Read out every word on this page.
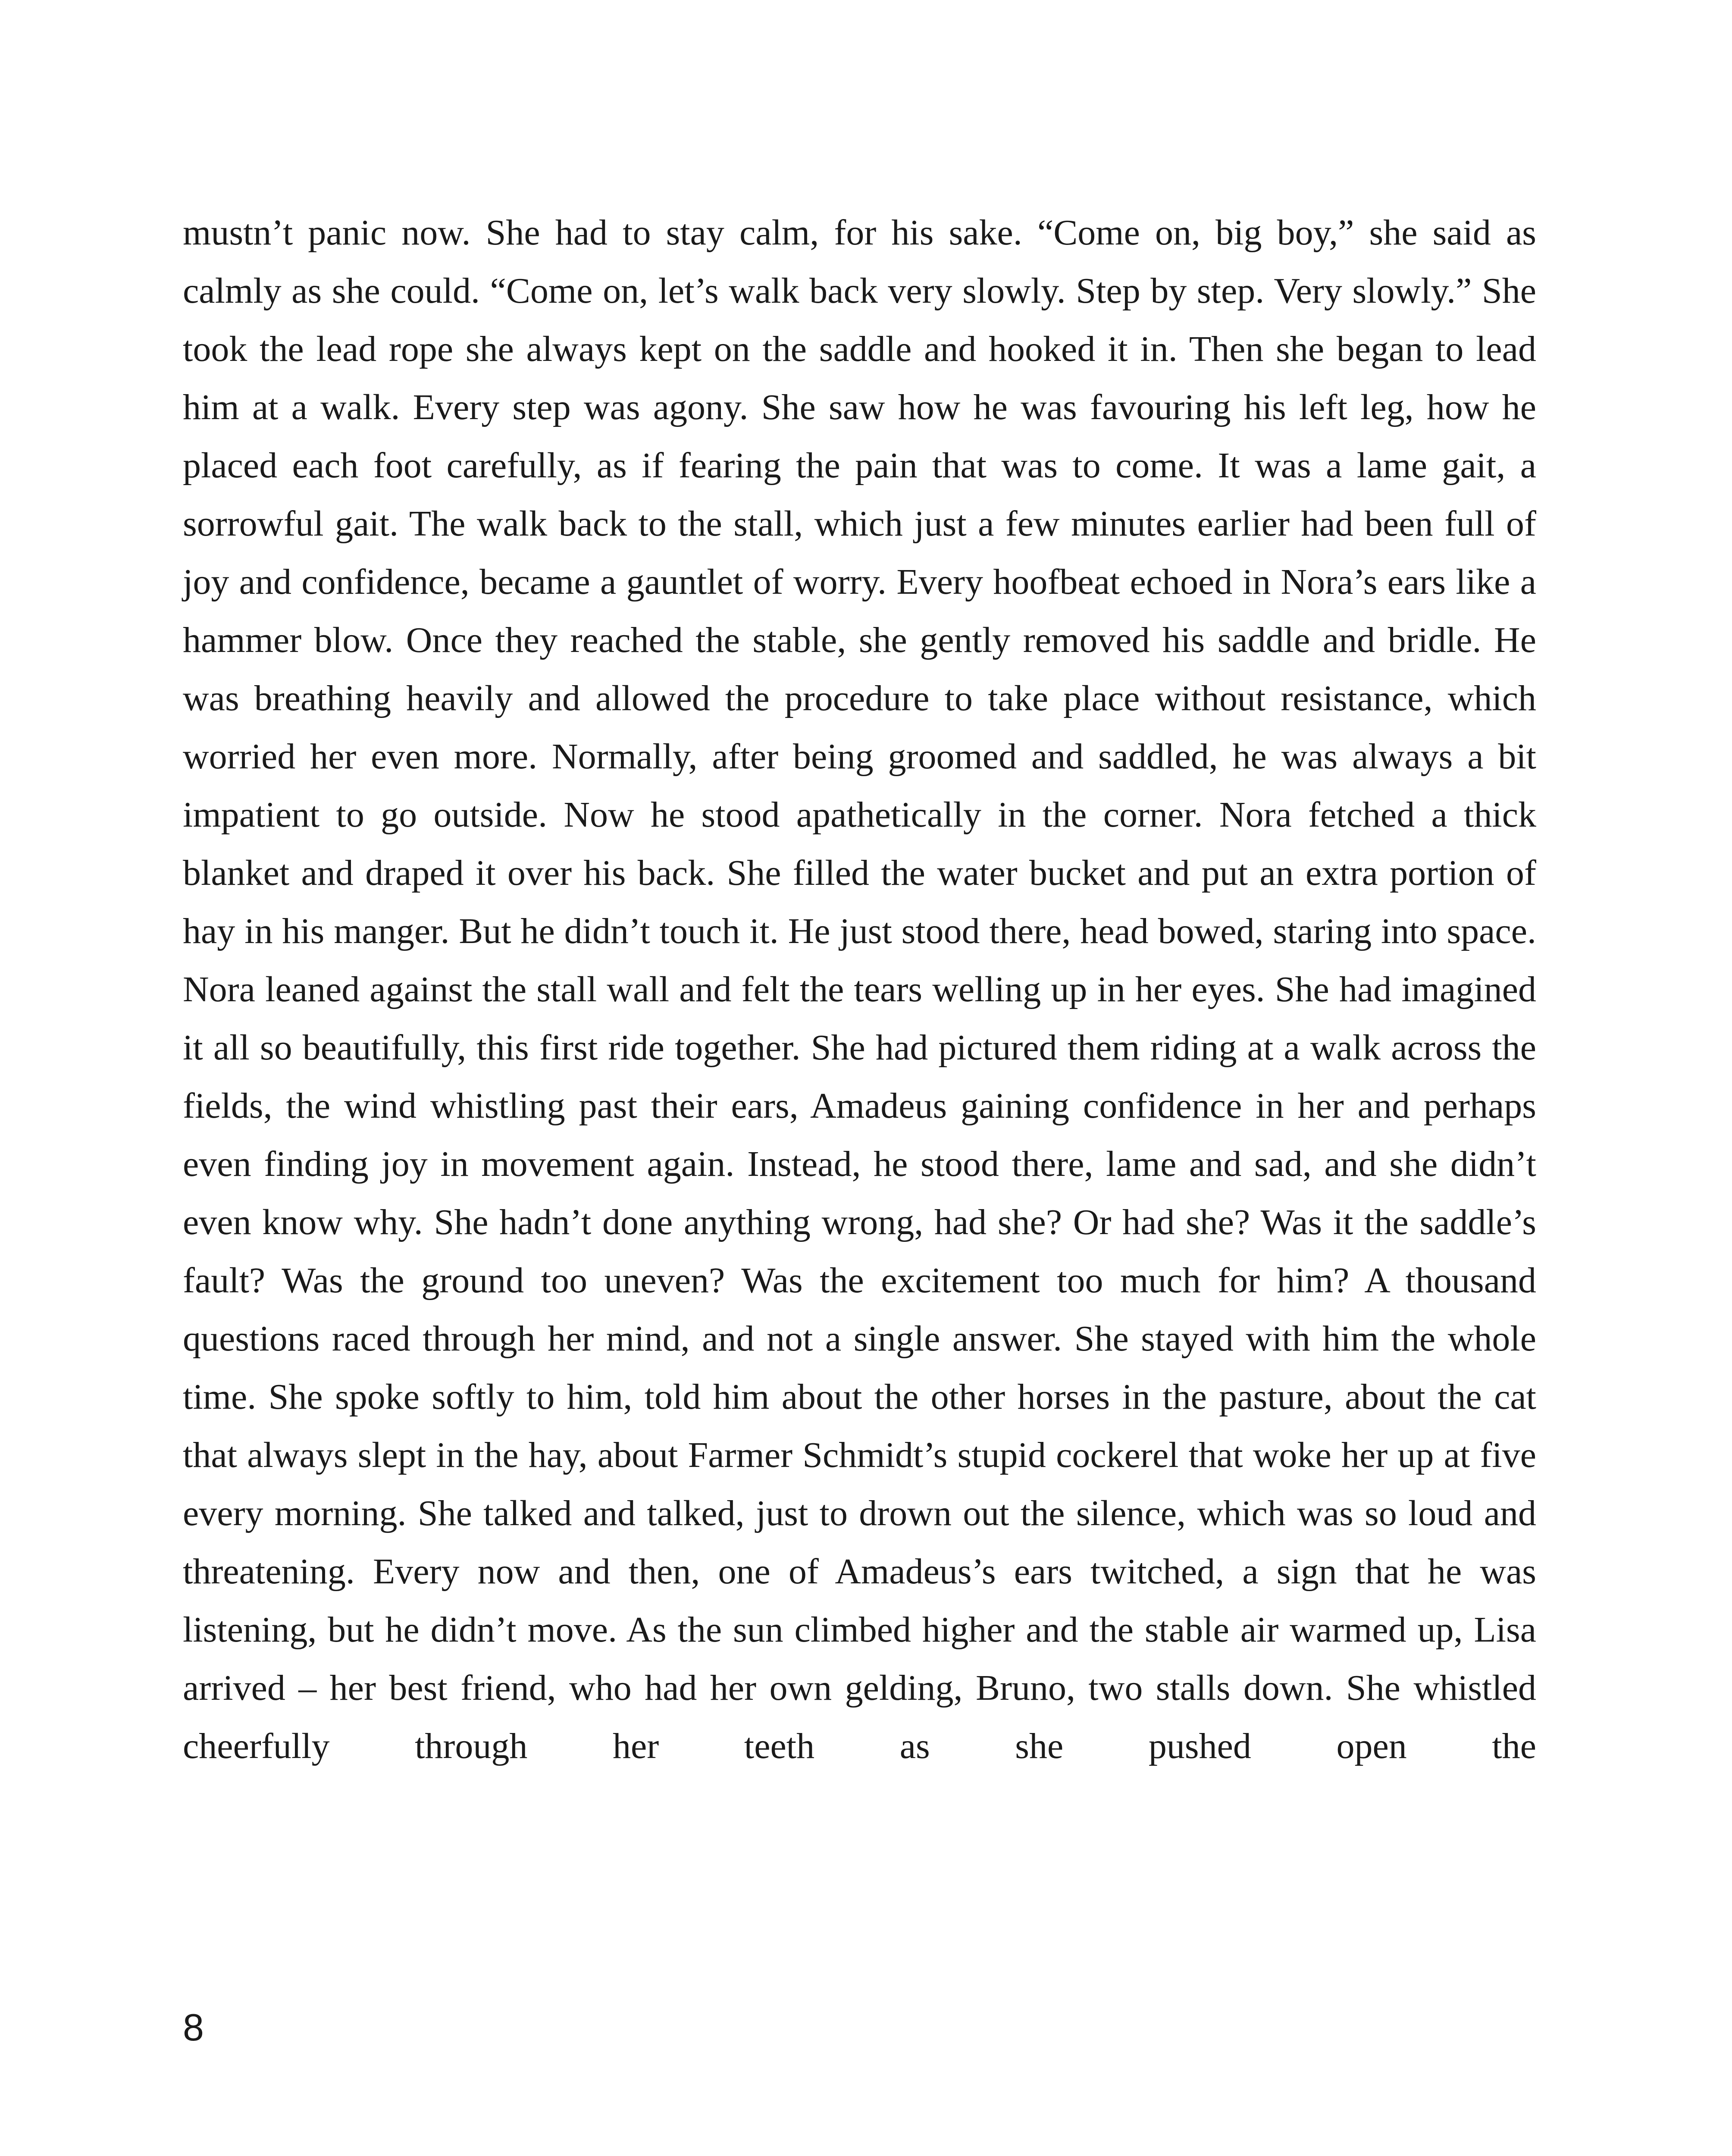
mustn’t panic now. She had to stay calm, for his sake. “Come on, big boy,” she said as calmly as she could. “Come on, let’s walk back very slowly. Step by step. Very slowly.” She took the lead rope she always kept on the saddle and hooked it in. Then she began to lead him at a walk. Every step was agony. She saw how he was favouring his left leg, how he placed each foot carefully, as if fearing the pain that was to come. It was a lame gait, a sorrowful gait. The walk back to the stall, which just a few minutes earlier had been full of joy and confidence, became a gauntlet of worry. Every hoofbeat echoed in Nora’s ears like a hammer blow. Once they reached the stable, she gently removed his saddle and bridle. He was breathing heavily and allowed the procedure to take place without resistance, which worried her even more. Normally, after being groomed and saddled, he was always a bit impatient to go outside. Now he stood apathetically in the corner. Nora fetched a thick blanket and draped it over his back. She filled the water bucket and put an extra portion of hay in his manger. But he didn’t touch it. He just stood there, head bowed, staring into space. Nora leaned against the stall wall and felt the tears welling up in her eyes. She had imagined it all so beautifully, this first ride together. She had pictured them riding at a walk across the fields, the wind whistling past their ears, Amadeus gaining confidence in her and perhaps even finding joy in movement again. Instead, he stood there, lame and sad, and she didn’t even know why. She hadn’t done anything wrong, had she? Or had she? Was it the saddle’s fault? Was the ground too uneven? Was the excitement too much for him? A thousand questions raced through her mind, and not a single answer. She stayed with him the whole time. She spoke softly to him, told him about the other horses in the pasture, about the cat that always slept in the hay, about Farmer Schmidt’s stupid cockerel that woke her up at five every morning. She talked and talked, just to drown out the silence, which was so loud and threatening. Every now and then, one of Amadeus’s ears twitched, a sign that he was listening, but he didn’t move. As the sun climbed higher and the stable air warmed up, Lisa arrived – her best friend, who had her own gelding, Bruno, two stalls down. She whistled cheerfully through her teeth as she pushed open the

8
